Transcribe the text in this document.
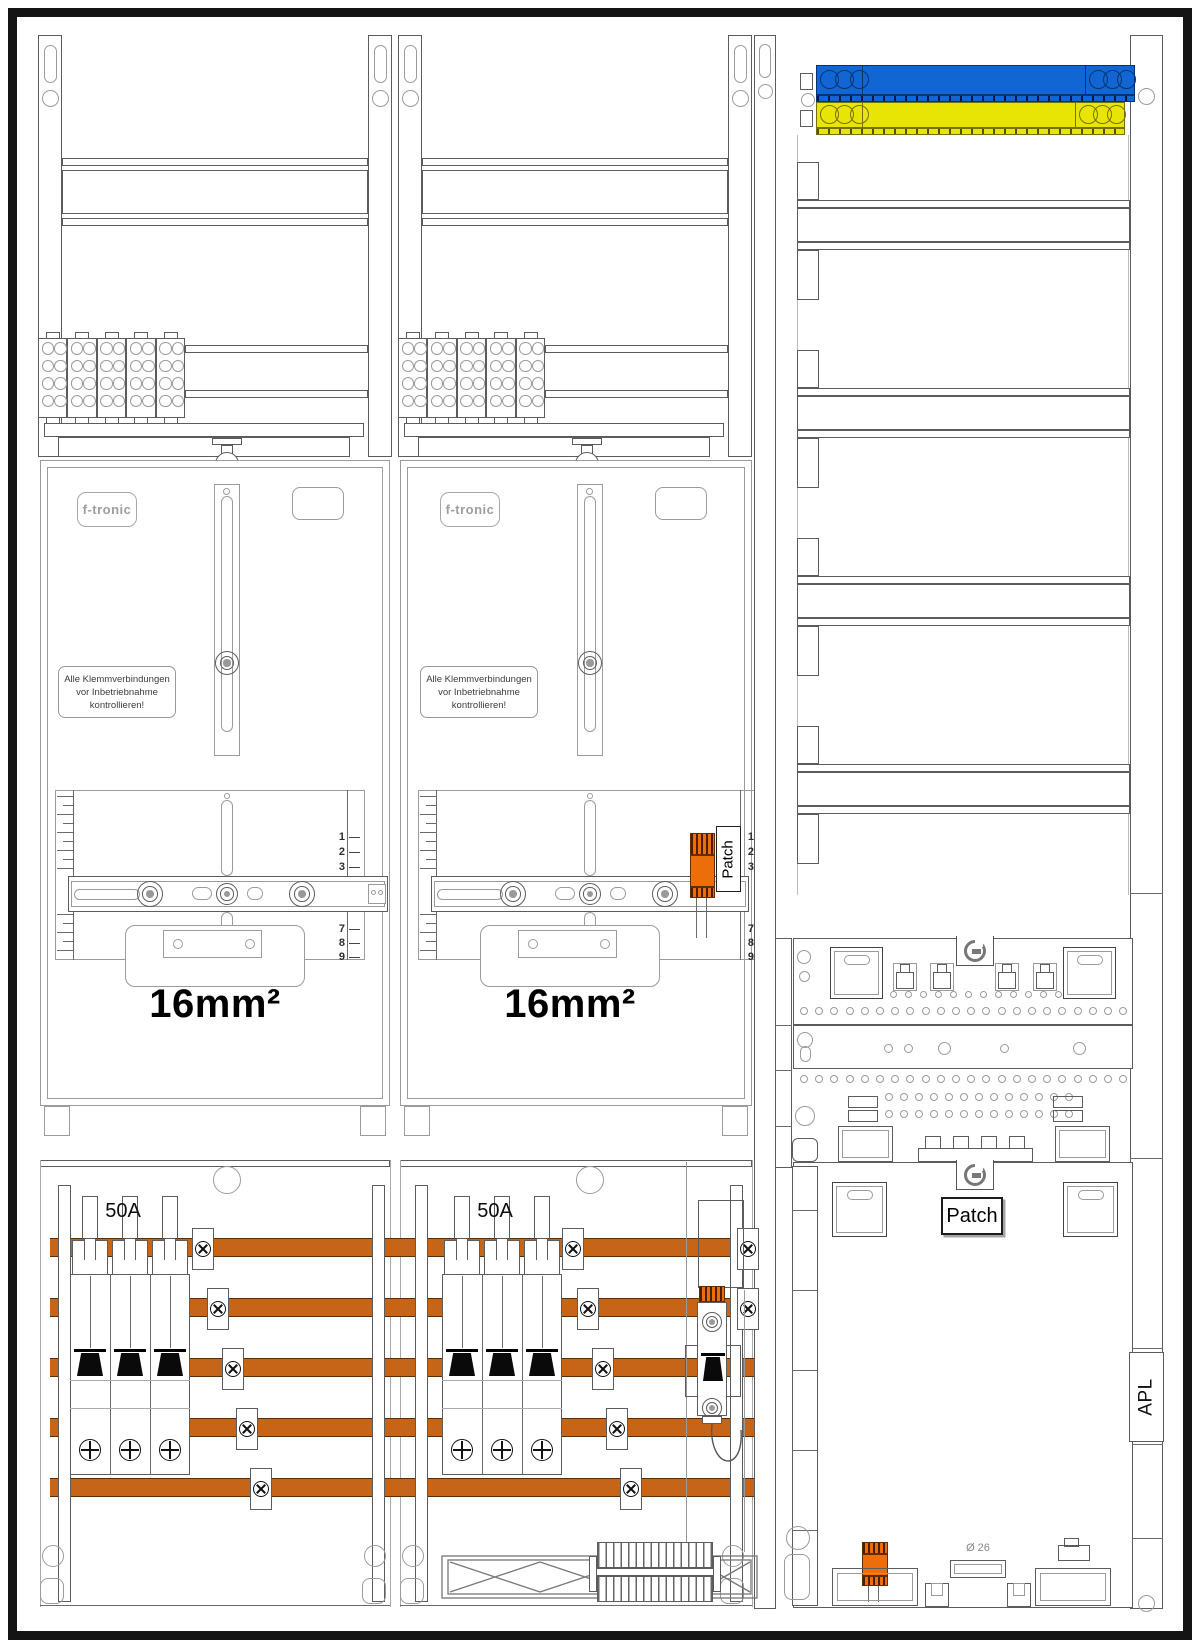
f-tronic
Alle Klemmverbindungen
vor Inbetriebnahme
kontrollieren!
16mm²
50A
f-tronic
Alle Klemmverbindungen
vor Inbetriebnahme
kontrollieren!
16mm²
50A
Patch
Patch
APL
Ø 26
1
2
3
7
8
9
1
2
3
7
8
9
